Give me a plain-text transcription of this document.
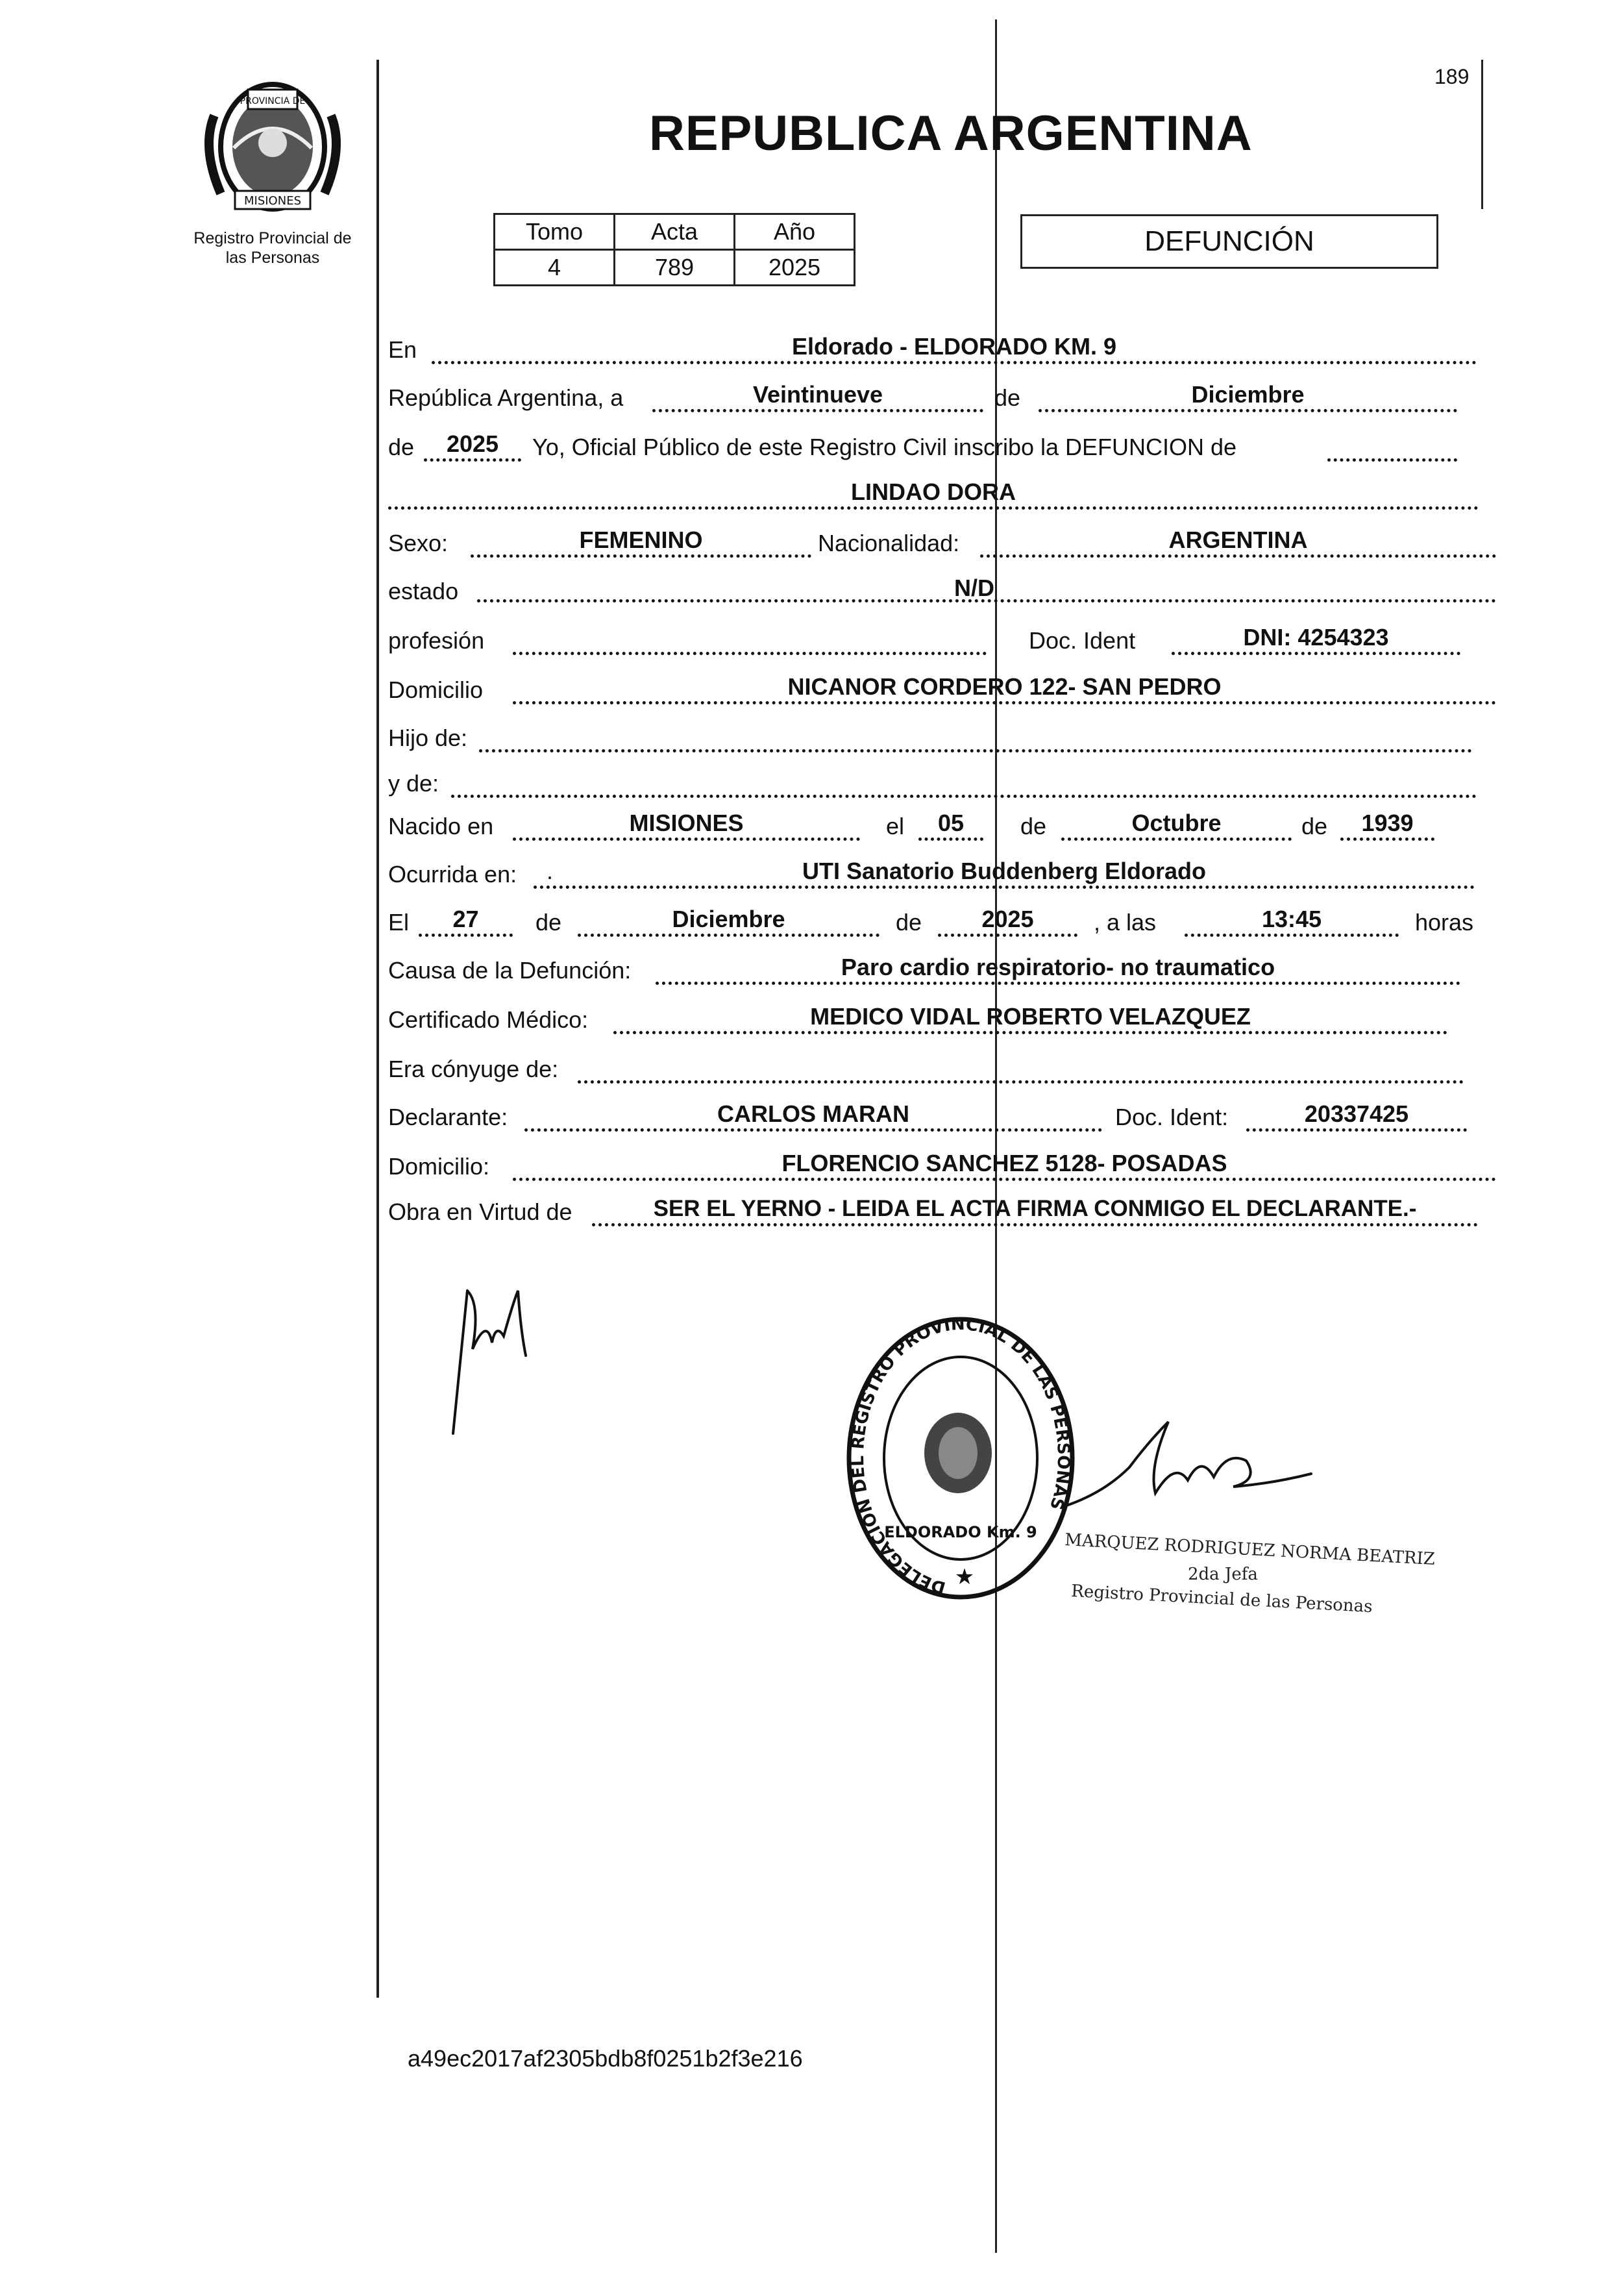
PROVINCIA DE
MISIONES
Registro Provincial de
las Personas
189
REPUBLICA ARGENTINA
Tomo	Acta	Año
4	789	2025
DEFUNCIÓN
En	Eldorado - ELDORADO KM. 9
República Argentina, a	Veintinueve	de	Diciembre
de	2025	Yo, Oficial Público de este Registro Civil inscribo la DEFUNCION de
LINDAO DORA
Sexo:	FEMENINO	Nacionalidad:	ARGENTINA
estado	N/D
profesión	Doc. Ident	DNI: 4254323
Domicilio	NICANOR CORDERO 122- SAN PEDRO
Hijo de:
y de:
Nacido en	MISIONES	el	05	de	Octubre	de	1939
Ocurrida en: .	UTI Sanatorio Buddenberg Eldorado
El	27	de	Diciembre	de	2025	, a las	13:45	horas
Causa de la Defunción:	Paro cardio respiratorio- no traumatico
Certificado Médico:	MEDICO VIDAL ROBERTO VELAZQUEZ
Era cónyuge de:
Declarante:	CARLOS MARAN	Doc. Ident:	20337425
Domicilio:	FLORENCIO SANCHEZ 5128- POSADAS
Obra en Virtud de	SER EL YERNO - LEIDA EL ACTA FIRMA CONMIGO EL DECLARANTE.-
DELEGACIÓN DEL REGISTRO PROVINCIAL DE LAS PERSONAS
ELDORADO Km. 9
★
MARQUEZ RODRIGUEZ NORMA BEATRIZ
2da Jefa
Registro Provincial de las Personas
a49ec2017af2305bdb8f0251b2f3e216
